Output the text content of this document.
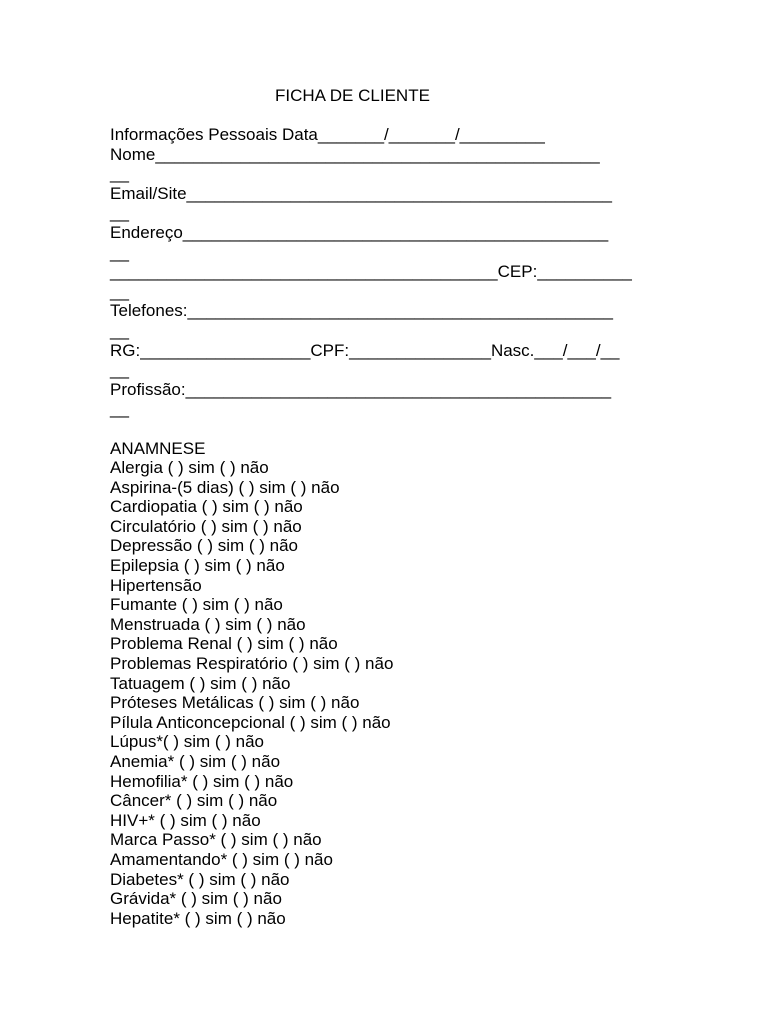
FICHA DE CLIENTE
Informações Pessoais Data_______/_______/_________
Nome_______________________________________________
__
Email/Site_____________________________________________
__
Endereço_____________________________________________
__
_________________________________________CEP:__________
__
Telefones:_____________________________________________
__
RG:__________________CPF:_______________Nasc.___/___/__
__
Profissão:_____________________________________________
__
ANAMNESE
Alergia ( ) sim ( ) não
Aspirina-(5 dias) ( ) sim ( ) não
Cardiopatia ( ) sim ( ) não
Circulatório ( ) sim ( ) não
Depressão ( ) sim ( ) não
Epilepsia ( ) sim ( ) não
Hipertensão
Fumante ( ) sim ( ) não
Menstruada ( ) sim ( ) não
Problema Renal ( ) sim ( ) não
Problemas Respiratório ( ) sim ( ) não
Tatuagem ( ) sim ( ) não
Próteses Metálicas ( ) sim ( ) não
Pílula Anticoncepcional ( ) sim ( ) não
Lúpus*( ) sim ( ) não
Anemia* ( ) sim ( ) não
Hemofilia* ( ) sim ( ) não
Câncer* ( ) sim ( ) não
HIV+* ( ) sim ( ) não
Marca Passo* ( ) sim ( ) não
Amamentando* ( ) sim ( ) não
Diabetes* ( ) sim ( ) não
Grávida* ( ) sim ( ) não
Hepatite* ( ) sim ( ) não
